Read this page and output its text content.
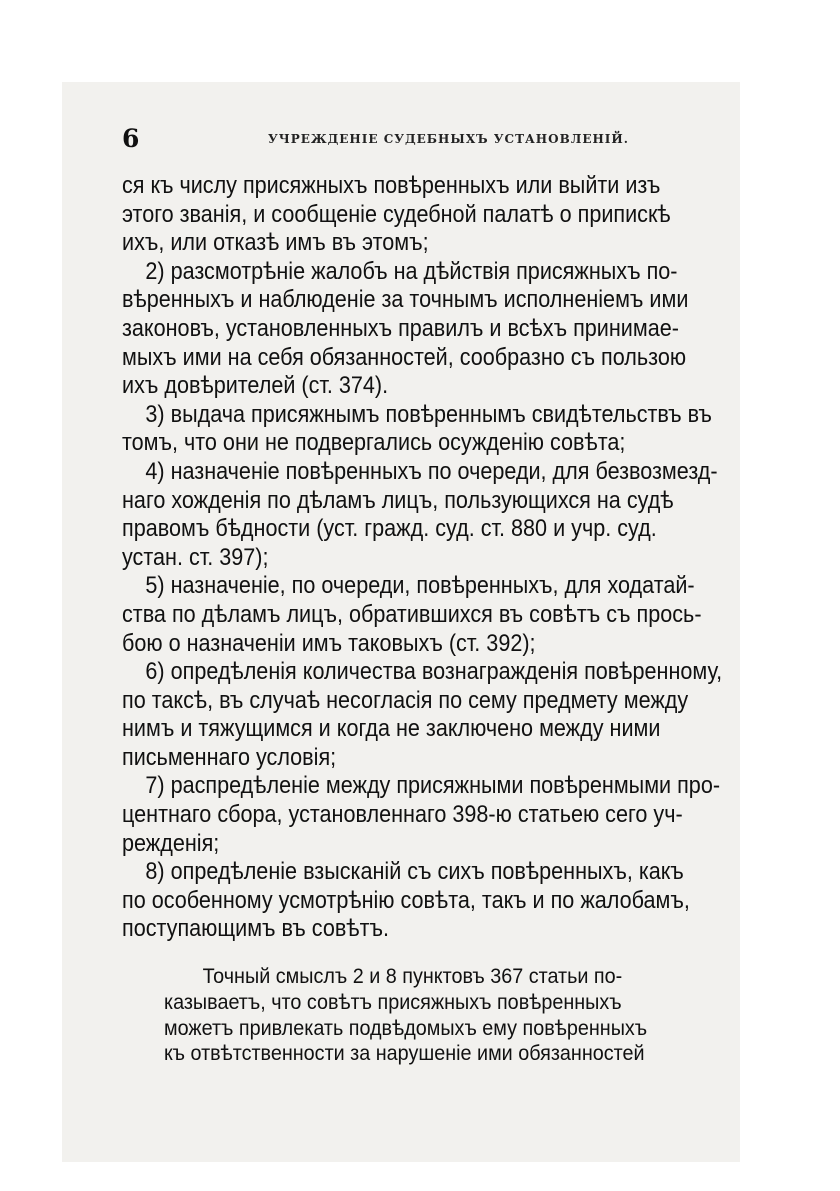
6	УЧРЕЖДЕНІЕ СУДЕБНЫХЪ УСТАНОВЛЕНІЙ.
ся къ числу присяжныхъ повѣренныхъ или выйти изъ
этого званія, и сообщеніе судебной палатѣ о припискѣ
ихъ, или отказѣ имъ въ этомъ;
2) разсмотрѣніе жалобъ на дѣйствія присяжныхъ по-
вѣренныхъ и наблюденіе за точнымъ исполненіемъ ими
законовъ, установленныхъ правилъ и всѣхъ принимае-
мыхъ ими на себя обязанностей, сообразно съ пользою
ихъ довѣрителей (ст. 374).
3) выдача присяжнымъ повѣреннымъ свидѣтельствъ въ
томъ, что они не подвергались осужденію совѣта;
4) назначеніе повѣренныхъ по очереди, для безвозмезд-
наго хожденія по дѣламъ лицъ, пользующихся на судѣ
правомъ бѣдности (уст. гражд. суд. ст. 880 и учр. суд.
устан. ст. 397);
5) назначеніе, по очереди, повѣренныхъ, для ходатай-
ства по дѣламъ лицъ, обратившихся въ совѣтъ съ прось-
бою о назначеніи имъ таковыхъ (ст. 392);
6) опредѣленія количества вознагражденія повѣренному,
по таксѣ, въ случаѣ несогласія по сему предмету между
нимъ и тяжущимся и когда не заключено между ними
письменнаго условія;
7) распредѣленіе между присяжными повѣренмыми про-
центнаго сбора, установленнаго 398-ю статьею сего уч-
режденія;
8) опредѣленіе взысканій съ сихъ повѣренныхъ, какъ
по особенному усмотрѣнію совѣта, такъ и по жалобамъ,
поступающимъ въ совѣтъ.
Точный смыслъ 2 и 8 пунктовъ 367 статьи по-
казываетъ, что совѣтъ присяжныхъ повѣренныхъ
можетъ привлекать подвѣдомыхъ ему повѣренныхъ
къ отвѣтственности за нарушеніе ими обязанностей
